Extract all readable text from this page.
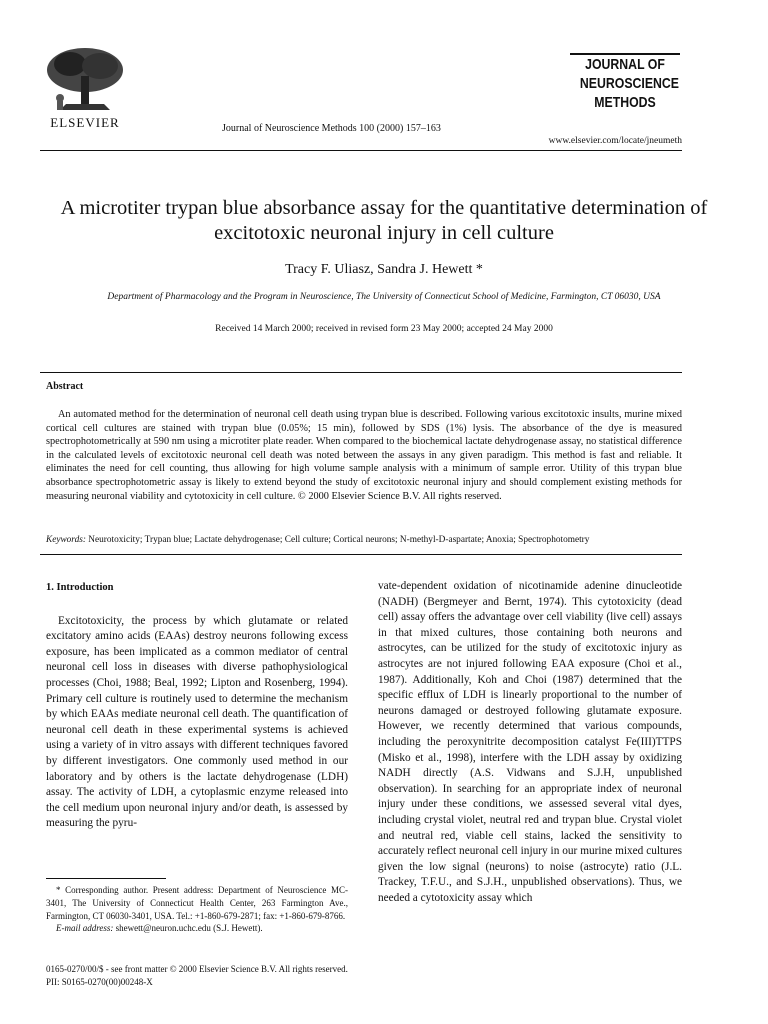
ELSEVIER	Journal of Neuroscience Methods 100 (2000) 157–163
JOURNAL OF
NEUROSCIENCE
METHODS
www.elsevier.com/locate/jneumeth
A microtiter trypan blue absorbance assay for the quantitative determination of excitotoxic neuronal injury in cell culture
Tracy F. Uliasz, Sandra J. Hewett *
Department of Pharmacology and the Program in Neuroscience, The University of Connecticut School of Medicine, Farmington, CT 06030, USA
Received 14 March 2000; received in revised form 23 May 2000; accepted 24 May 2000
Abstract
An automated method for the determination of neuronal cell death using trypan blue is described. Following various excitotoxic insults, murine mixed cortical cell cultures are stained with trypan blue (0.05%; 15 min), followed by SDS (1%) lysis. The absorbance of the dye is measured spectrophotometrically at 590 nm using a microtiter plate reader. When compared to the biochemical lactate dehydrogenase assay, no statistical difference in the calculated levels of excitotoxic neuronal cell death was noted between the assays in any given paradigm. This method is fast and reliable. It eliminates the need for cell counting, thus allowing for high volume sample analysis with a minimum of sample error. Utility of this trypan blue absorbance spectrophotometric assay is likely to extend beyond the study of excitotoxic neuronal injury and should complement existing methods for measuring neuronal viability and cytotoxicity in cell culture. © 2000 Elsevier Science B.V. All rights reserved.
Keywords: Neurotoxicity; Trypan blue; Lactate dehydrogenase; Cell culture; Cortical neurons; N-methyl-D-aspartate; Anoxia; Spectrophotometry
1. Introduction

Excitotoxicity, the process by which glutamate or related excitatory amino acids (EAAs) destroy neurons following excess exposure, has been implicated as a common mediator of central neuronal cell loss in diseases with diverse pathophysiological processes (Choi, 1988; Beal, 1992; Lipton and Rosenberg, 1994). Primary cell culture is routinely used to determine the mechanism by which EAAs mediate neuronal cell death. The quantification of neuronal cell death in these experimental systems is achieved using a variety of in vitro assays with different techniques favored by different investigators. One commonly used method in our laboratory and by others is the lactate dehydrogenase (LDH) assay. The activity of LDH, a cytoplasmic enzyme released into the cell medium upon neuronal injury and/or death, is assessed by measuring the pyru-

vate-dependent oxidation of nicotinamide adenine dinucleotide (NADH) (Bergmeyer and Bernt, 1974). This cytotoxicity (dead cell) assay offers the advantage over cell viability (live cell) assays in that mixed cultures, those containing both neurons and astrocytes, can be utilized for the study of excitotoxic injury as astrocytes are not injured following EAA exposure (Choi et al., 1987). Additionally, Koh and Choi (1987) determined that the specific efflux of LDH is linearly proportional to the number of neurons damaged or destroyed following glutamate exposure. However, we recently determined that various compounds, including the peroxynitrite decomposition catalyst Fe(III)TTPS (Misko et al., 1998), interfere with the LDH assay by oxidizing NADH directly (A.S. Vidwans and S.J.H, unpublished observation). In searching for an appropriate index of neuronal injury under these conditions, we assessed several vital dyes, including crystal violet, neutral red and trypan blue. Crystal violet and neutral red, viable cell stains, lacked the sensitivity to accurately reflect neuronal cell injury in our murine mixed cultures given the low signal (neurons) to noise (astrocyte) ratio (J.L. Trackey, T.F.U., and S.J.H., unpublished observations). Thus, we needed a cytotoxicity assay which

* Corresponding author. Present address: Department of Neuroscience MC-3401, The University of Connecticut Health Center, 263 Farmington Ave., Farmington, CT 06030-3401, USA. Tel.: +1-860-679-2871; fax: +1-860-679-8766.
E-mail address: shewett@neuron.uchc.edu (S.J. Hewett).
0165-0270/00/$ - see front matter © 2000 Elsevier Science B.V. All rights reserved.
PII: S0165-0270(00)00248-X
